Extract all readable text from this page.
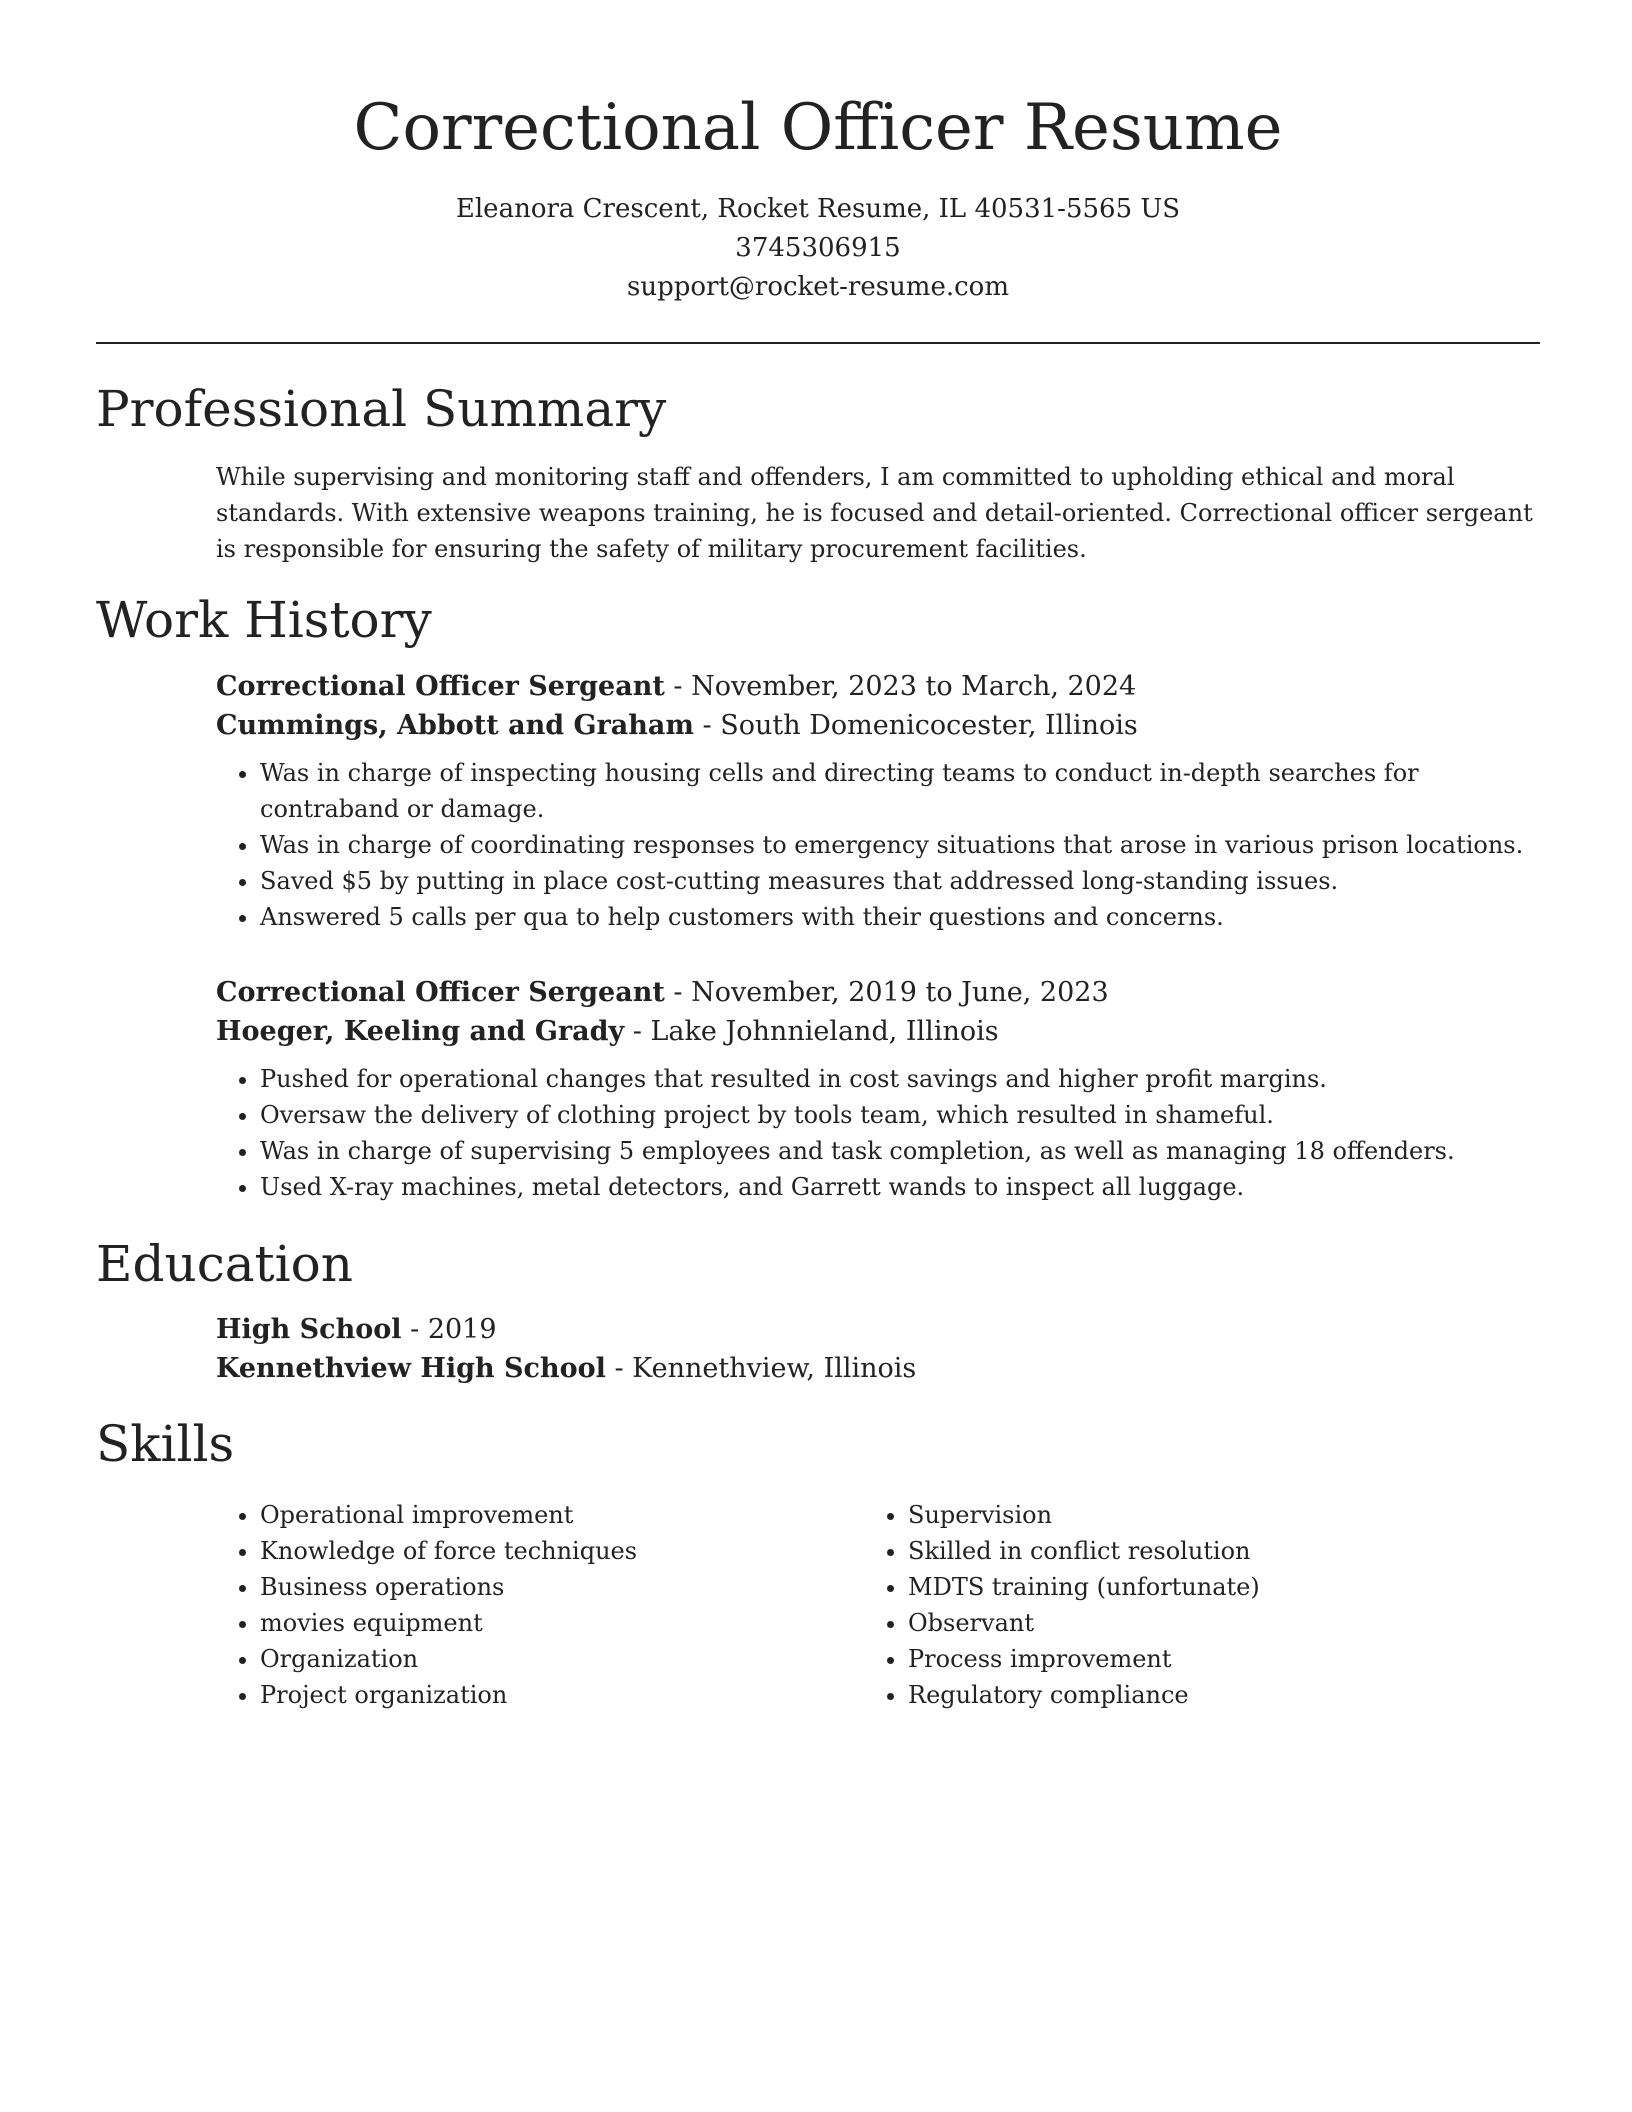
Correctional Officer Resume
Eleanora Crescent, Rocket Resume, IL 40531-5565 US
3745306915
support@rocket-resume.com
Professional Summary

While supervising and monitoring staff and offenders, I am committed to upholding ethical and moral standards. With extensive weapons training, he is focused and detail-oriented. Correctional officer sergeant is responsible for ensuring the safety of military procurement facilities.

Work History

Correctional Officer Sergeant - November, 2023 to March, 2024

Cummings, Abbott and Graham - South Domenicocester, Illinois

• Was in charge of inspecting housing cells and directing teams to conduct in-depth searches for contraband or damage.
• Was in charge of coordinating responses to emergency situations that arose in various prison locations.
• Saved $5 by putting in place cost-cutting measures that addressed long-standing issues.
• Answered 5 calls per qua to help customers with their questions and concerns.

Correctional Officer Sergeant - November, 2019 to June, 2023

Hoeger, Keeling and Grady - Lake Johnnieland, Illinois

• Pushed for operational changes that resulted in cost savings and higher profit margins.
• Oversaw the delivery of clothing project by tools team, which resulted in shameful.
• Was in charge of supervising 5 employees and task completion, as well as managing 18 offenders.
• Used X-ray machines, metal detectors, and Garrett wands to inspect all luggage.
Education

High School - 2019

Kennethview High School - Kennethview, Illinois

Skills
• Operational improvement
• Knowledge of force techniques
• Business operations
• movies equipment
• Organization
• Project organization
• Supervision
• Skilled in conflict resolution
• MDTS training (unfortunate)
• Observant
• Process improvement
• Regulatory compliance
